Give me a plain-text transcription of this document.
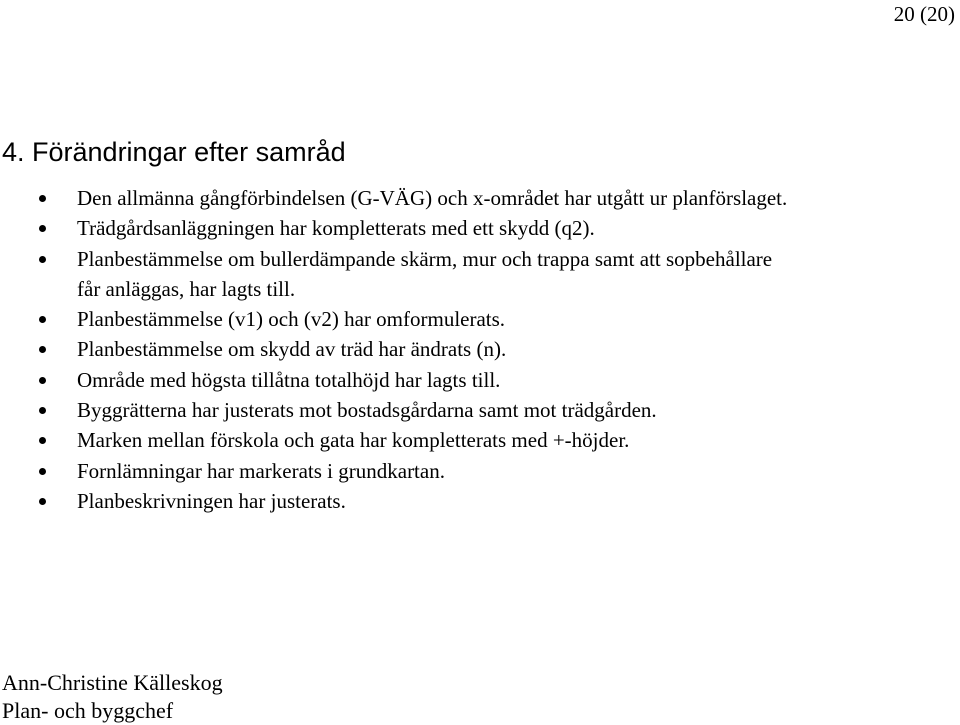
20 (20)
4. Förändringar efter samråd
Den allmänna gångförbindelsen (G-VÄG) och x-området har utgått ur planförslaget.
Trädgårdsanläggningen har kompletterats med ett skydd (q2).
Planbestämmelse om bullerdämpande skärm, mur och trappa samt att sopbehållare får anläggas, har lagts till.
Planbestämmelse (v1) och (v2) har omformulerats.
Planbestämmelse om skydd av träd har ändrats (n).
Område med högsta tillåtna totalhöjd har lagts till.
Byggrätterna har justerats mot bostadsgårdarna samt mot trädgården.
Marken mellan förskola och gata har kompletterats med +-höjder.
Fornlämningar har markerats i grundkartan.
Planbeskrivningen har justerats.
Ann-Christine Källeskog
Plan- och byggchef
